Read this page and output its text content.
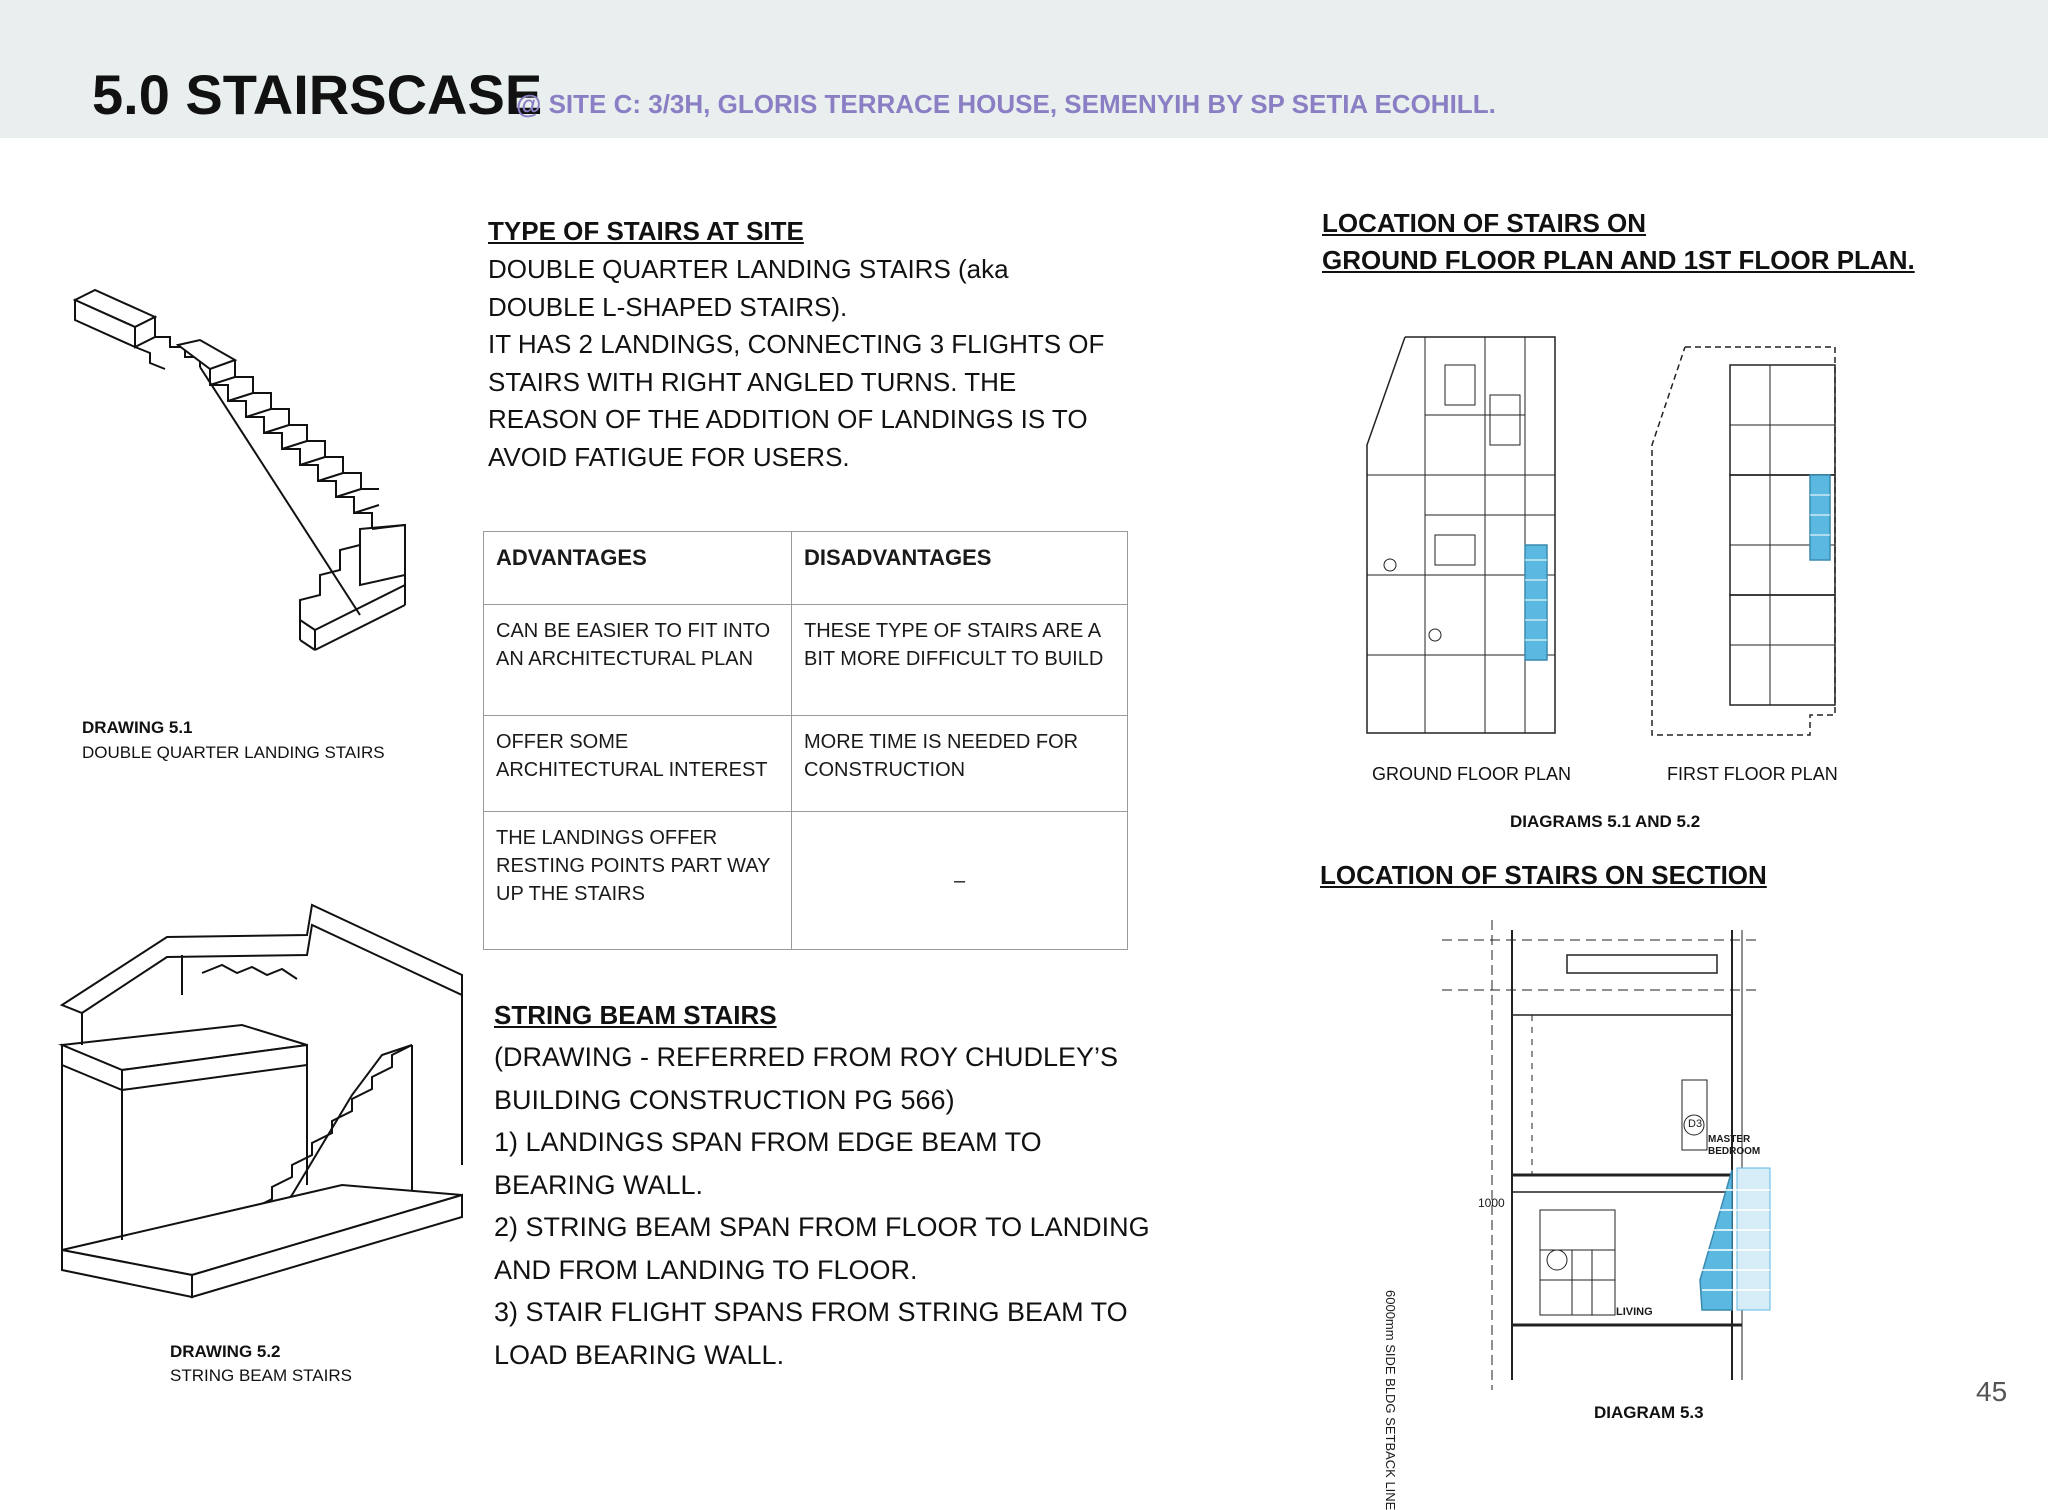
5.0 STAIRSCASE
@ SITE C: 3/3H, GLORIS TERRACE HOUSE, SEMENYIH BY SP SETIA ECOHILL.
DRAWING 5.1
DOUBLE QUARTER LANDING STAIRS
DRAWING 5.2
STRING BEAM STAIRS
TYPE OF STAIRS AT SITE
DOUBLE QUARTER LANDING STAIRS (aka
DOUBLE L-SHAPED STAIRS).
IT HAS 2 LANDINGS, CONNECTING 3 FLIGHTS OF
STAIRS WITH RIGHT ANGLED TURNS. THE
REASON OF THE ADDITION OF LANDINGS IS TO
AVOID FATIGUE FOR USERS.
ADVANTAGES	DISADVANTAGES
CAN BE EASIER TO FIT INTO AN ARCHITECTURAL PLAN	THESE TYPE OF STAIRS ARE A BIT MORE DIFFICULT TO BUILD
OFFER SOME ARCHITECTURAL INTEREST	MORE TIME IS NEEDED FOR CONSTRUCTION
THE LANDINGS OFFER RESTING POINTS PART WAY UP THE STAIRS	–
STRING BEAM STAIRS
(DRAWING - REFERRED FROM ROY CHUDLEY’S
BUILDING CONSTRUCTION PG 566)
1) LANDINGS SPAN FROM EDGE BEAM TO
BEARING WALL.
2) STRING BEAM SPAN FROM FLOOR TO LANDING
AND FROM LANDING TO FLOOR.
3) STAIR FLIGHT SPANS FROM STRING BEAM TO
LOAD BEARING WALL.
LOCATION OF STAIRS ON
GROUND FLOOR PLAN AND 1ST FLOOR PLAN.
GROUND FLOOR PLAN	FIRST FLOOR PLAN
DIAGRAMS 5.1 AND 5.2
LOCATION OF STAIRS ON SECTION
1000
6000mm SIDE BLDG SETBACK LINE
D3
MASTER BEDROOM
LIVING
DIAGRAM 5.3
45
